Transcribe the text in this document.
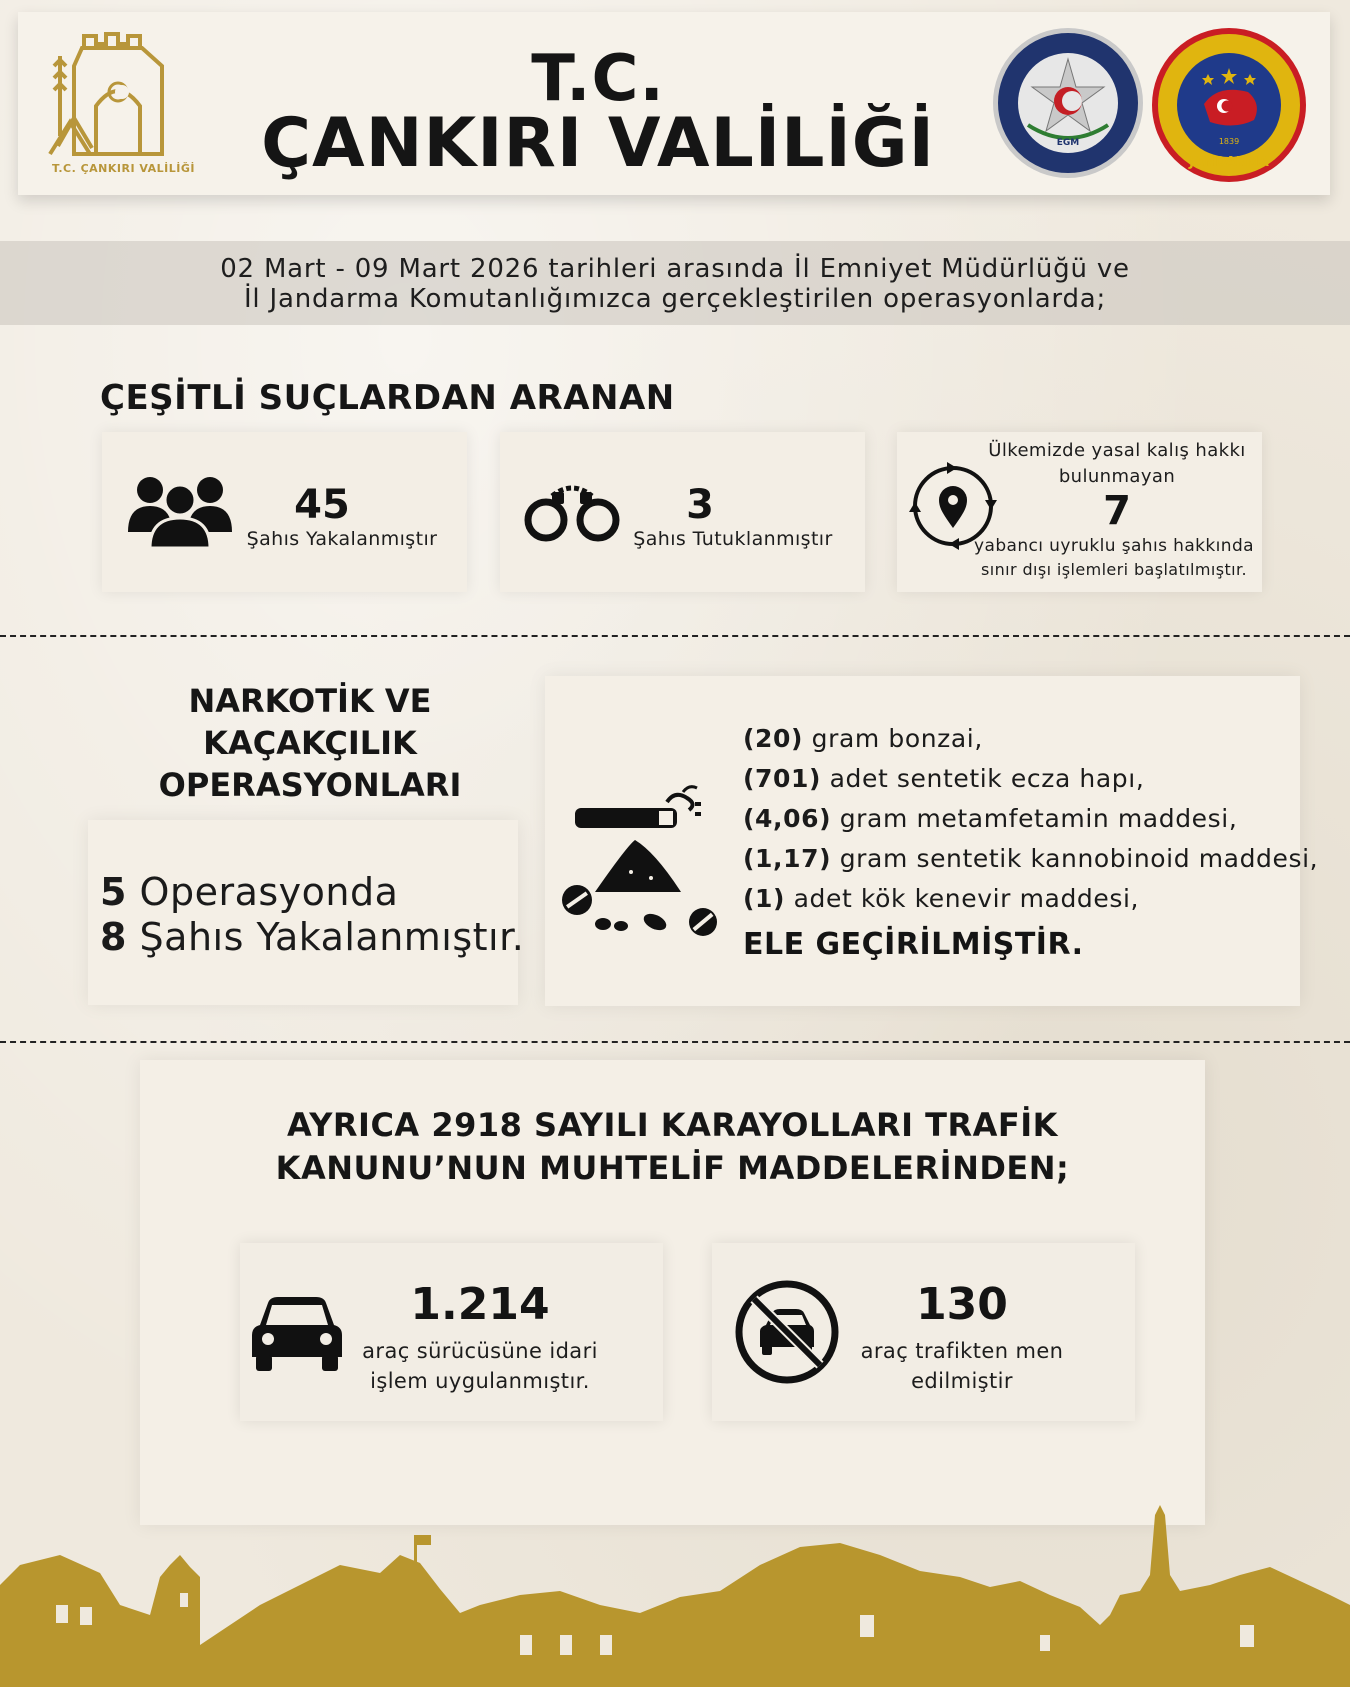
T.C. ÇANKIRI VALİLİĞİ
T.C.
ÇANKIRI VALİLİĞİ	EGM	1839
JANDARMA
02 Mart - 09 Mart 2026 tarihleri arasında İl Emniyet Müdürlüğü ve
İl Jandarma Komutanlığımızca gerçekleştirilen operasyonlarda;
ÇEŞİTLİ SUÇLARDAN ARANAN
45
Şahıs Yakalanmıştır
3
Şahıs Tutuklanmıştır
Ülkemizde yasal kalış hakkı
bulunmayan
7
yabancı uyruklu şahıs hakkında
sınır dışı işlemleri başlatılmıştır.
NARKOTİK VE
KAÇAKÇILIK
OPERASYONLARI
5 Operasyonda
8 Şahıs Yakalanmıştır.
(20) gram bonzai,
(701) adet sentetik ecza hapı,
(4,06) gram metamfetamin maddesi,
(1,17) gram sentetik kannobinoid maddesi,
(1) adet kök kenevir maddesi,
ELE GEÇİRİLMİŞTİR.
AYRICA 2918 SAYILI KARAYOLLARI TRAFİK
KANUNU’NUN MUHTELİF MADDELERİNDEN;
1.214
araç sürücüsüne idari
işlem uygulanmıştır.
130
araç trafikten men
edilmiştir
